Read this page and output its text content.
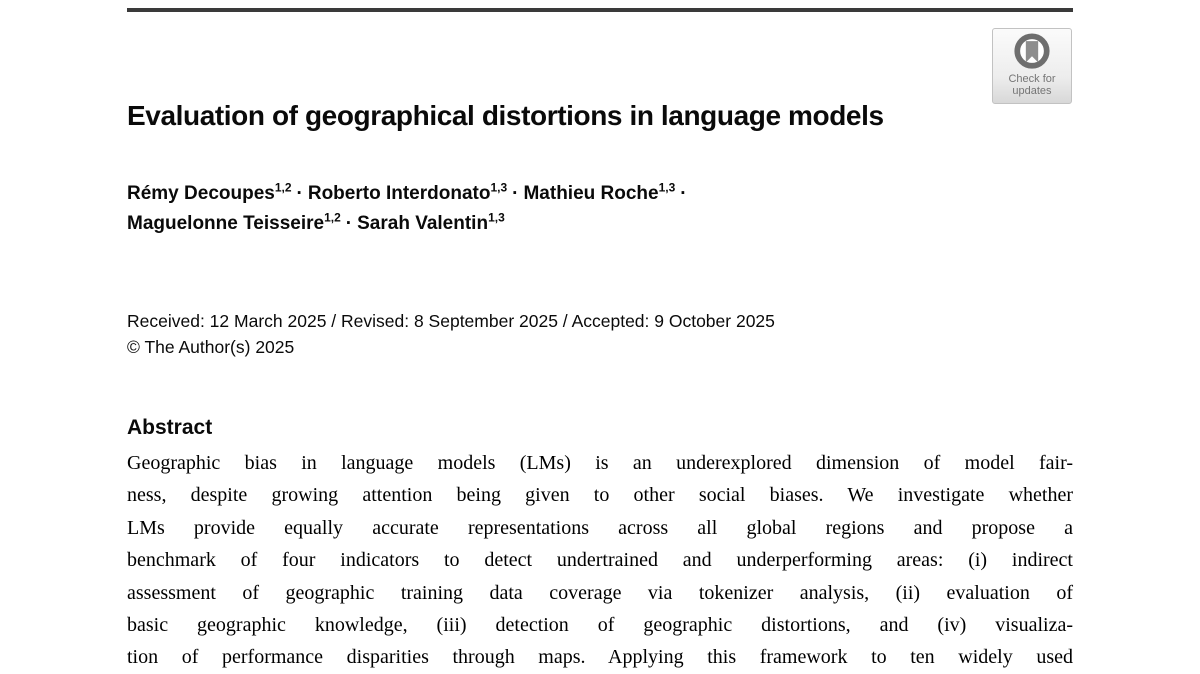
Check for
updates
Evaluation of geographical distortions in language models
Rémy Decoupes$^{1,2}$ · Roberto Interdonato$^{1,3}$ · Mathieu Roche$^{1,3}$ ·
Maguelonne Teisseire$^{1,2}$ · Sarah Valentin$^{1,3}$
Received: 12 March 2025 / Revised: 8 September 2025 / Accepted: 9 October 2025
© The Author(s) 2025
Abstract
Geographic bias in language models (LMs) is an underexplored dimension of model fair-
ness, despite growing attention being given to other social biases. We investigate whether
LMs provide equally accurate representations across all global regions and propose a
benchmark of four indicators to detect undertrained and underperforming areas: (i) indirect
assessment of geographic training data coverage via tokenizer analysis, (ii) evaluation of
basic geographic knowledge, (iii) detection of geographic distortions, and (iv) visualiza-
tion of performance disparities through maps. Applying this framework to ten widely used
